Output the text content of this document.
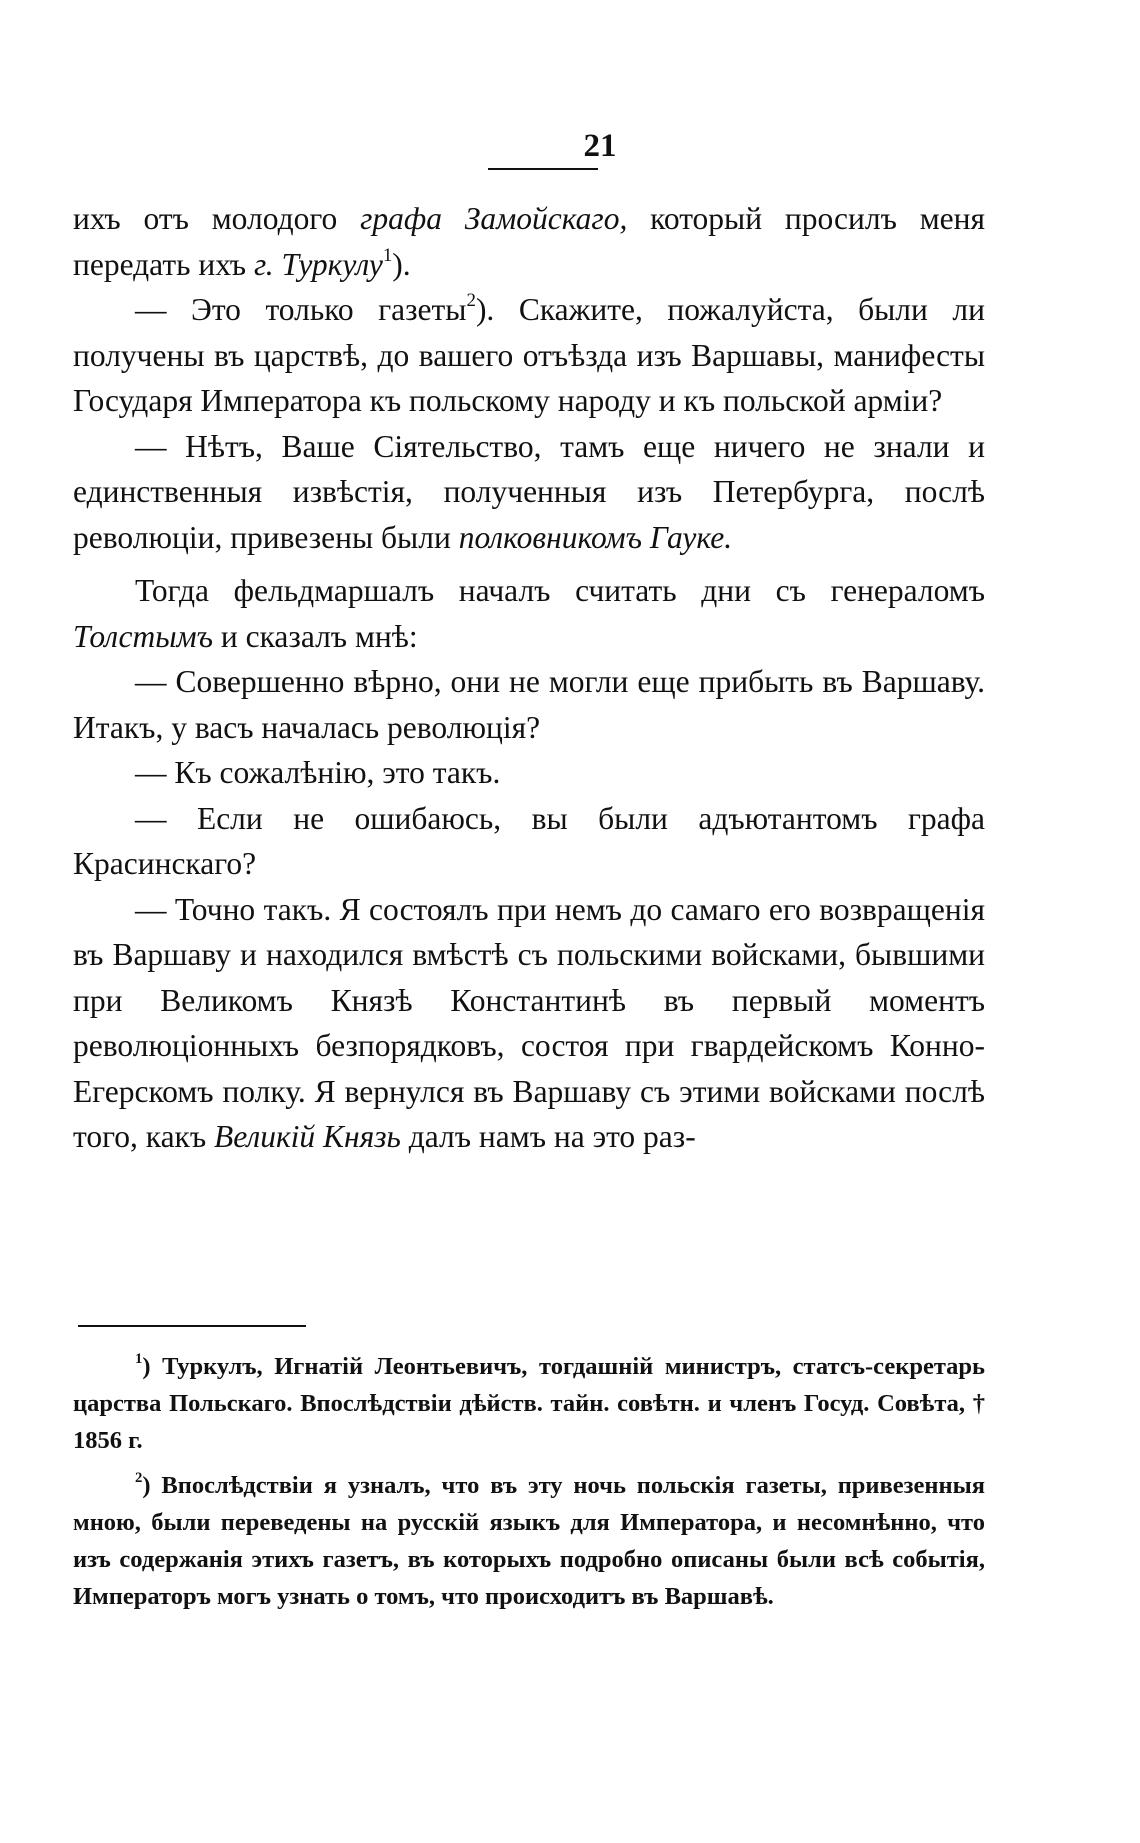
21

ихъ отъ молодого графа Замойскаго, который просилъ меня передать ихъ г. Туркулу$^1$).

— Это только газеты$^2$). Скажите, пожалуйста, были ли получены въ царствѣ, до вашего отъѣзда изъ Варшавы, манифесты Государя Императора къ польскому народу и къ польской арміи?

— Нѣтъ, Ваше Сіятельство, тамъ еще ничего не знали и единственныя извѣстія, полученныя изъ Петербурга, послѣ революціи, привезены были полковникомъ Гауке.

Тогда фельдмаршалъ началъ считать дни съ генераломъ Толстымъ и сказалъ мнѣ:

— Совершенно вѣрно, они не могли еще прибыть въ Варшаву. Итакъ, у васъ началась революція?

— Къ сожалѣнію, это такъ.

— Если не ошибаюсь, вы были адъютантомъ графа Красинскаго?

— Точно такъ. Я состоялъ при немъ до самаго его возвращенія въ Варшаву и находился вмѣстѣ съ польскими войсками, бывшими при Великомъ Князѣ Константинѣ въ первый моментъ революціонныхъ безпорядковъ, состоя при гвардейскомъ Конно-Егерскомъ полку. Я вернулся въ Варшаву съ этими войсками послѣ того, какъ Великій Князь далъ намъ на это раз-

$^1$) Туркулъ, Игнатій Леонтьевичъ, тогдашній министръ, статсъ-секретарь царства Польскаго. Впослѣдствіи дѣйств. тайн. совѣтн. и членъ Госуд. Совѣта, † 1856 г.

$^2$) Впослѣдствіи я узналъ, что въ эту ночь польскія газеты, привезенныя мною, были переведены на русскій языкъ для Императора, и несомнѣнно, что изъ содержанія этихъ газетъ, въ которыхъ подробно описаны были всѣ событія, Императоръ могъ узнать о томъ, что происходитъ въ Варшавѣ.
